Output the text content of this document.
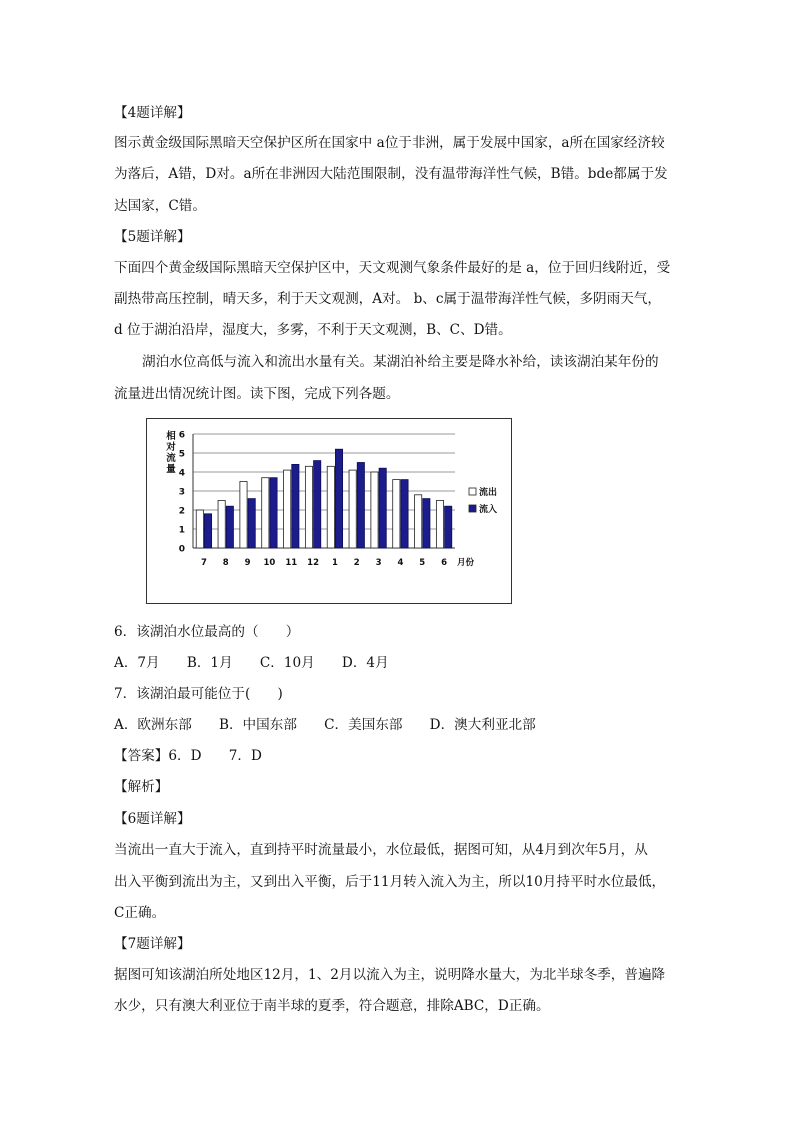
【4题详解】
图示黄金级国际黑暗天空保护区所在国家中 a位于非洲，属于发展中国家，a所在国家经济较
为落后，A错，D对。a所在非洲因大陆范围限制，没有温带海洋性气候，B错。bde都属于发
达国家，C错。
【5题详解】
下面四个黄金级国际黑暗天空保护区中，天文观测气象条件最好的是 a，位于回归线附近，受
副热带高压控制，晴天多，利于天文观测，A对。 b、c属于温带海洋性气候，多阴雨天气，
d 位于湖泊沿岸，湿度大，多雾，不利于天文观测，B、C、D错。
湖泊水位高低与流入和流出水量有关。某湖泊补给主要是降水补给，读该湖泊某年份的
流量进出情况统计图。读下图，完成下列各题。
0
1
2
3
4
5
6
相
对
流
量
7 8 9 10 11 12 1 2 3 4 5 6 月份
流出
流入
6．该湖泊水位最高的（　　）
A．7月　　B．1月　　C．10月　　D．4月
7．该湖泊最可能位于(　　)
A．欧洲东部　　B．中国东部　　C．美国东部　　D．澳大利亚北部
【答案】6．D　　7．D
【解析】
【6题详解】
当流出一直大于流入，直到持平时流量最小，水位最低，据图可知，从4月到次年5月，从
出入平衡到流出为主，又到出入平衡，后于11月转入流入为主，所以10月持平时水位最低，
C正确。
【7题详解】
据图可知该湖泊所处地区12月，1、2月以流入为主，说明降水量大，为北半球冬季，普遍降
水少，只有澳大利亚位于南半球的夏季，符合题意，排除ABC，D正确。
